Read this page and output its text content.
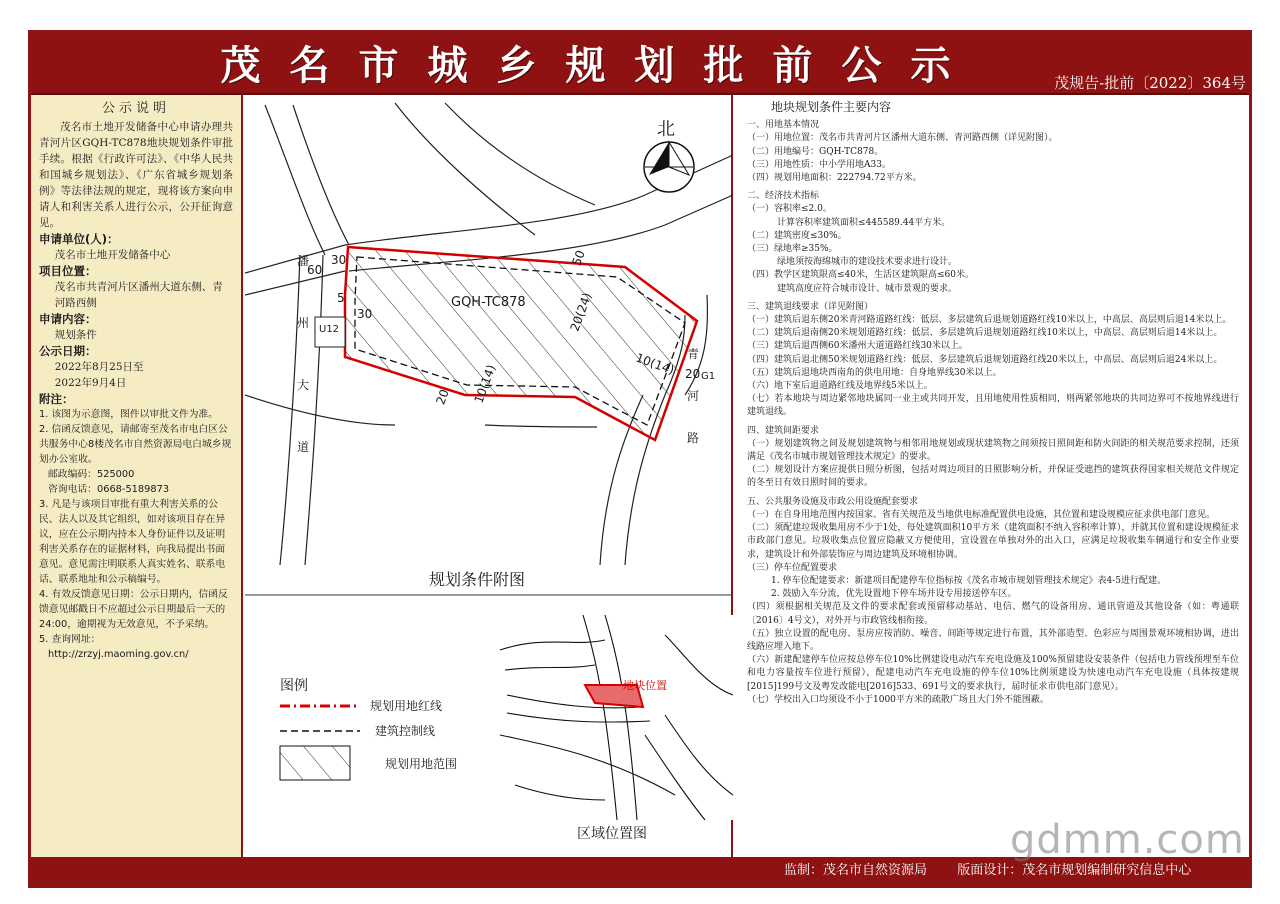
茂名市城乡规划批前公示	茂规告-批前〔2022〕364号
公示说明
茂名市土地开发储备中心申请办理共青河片区GQH-TC878地块规划条件审批手续。根据《行政许可法》、《中华人民共和国城乡规划法》、《广东省城乡规划条例》等法律法规的规定，现将该方案向申请人和利害关系人进行公示，公开征询意见。
申请单位(人)：
茂名市土地开发储备中心
项目位置：
茂名市共青河片区潘州大道东侧、青河路西侧
申请内容：
规划条件
公示日期：
2022年8月25日至
2022年9月4日
附注：
1. 该图为示意图，图件以审批文件为准。
2. 信函反馈意见，请邮寄至茂名市电白区公共服务中心8楼茂名市自然资源局电白城乡规划办公室收。
邮政编码：525000
咨询电话：0668-5189873
3. 凡是与该项目审批有重大利害关系的公民、法人以及其它组织，如对该项目存在异议，应在公示期内持本人身份证件以及证明利害关系存在的证据材料，向我局提出书面意见。意见需注明联系人真实姓名、联系电话、联系地址和公示稿编号。
4. 有效反馈意见日期：公示日期内，信函反馈意见邮戳日不应超过公示日期最后一天的24:00，逾期视为无效意见，不予采纳。
5. 查询网址：
http://zrzyj.maoming.gov.cn/
北
GQH-TC878
潘州大道
青河路
U12
G1
60
30
5
30
50
20(24)
10(14)
20
10(14) 20
规划条件附图
图例
规划用地红线
建筑控制线
规划用地范围
地块位置
区域位置图
地块规划条件主要内容
一、用地基本情况
（一）用地位置：茂名市共青河片区潘州大道东侧、青河路西侧（详见附图）。
（二）用地编号：GQH-TC878。
（三）用地性质：中小学用地A33。
（四）规划用地面积：222794.72平方米。
二、经济技术指标
（一）容积率≤2.0。
计算容积率建筑面积≤445589.44平方米。
（二）建筑密度≤30%。
（三）绿地率≥35%。
绿地须按海绵城市的建设技术要求进行设计。
（四）教学区建筑限高≤40米，生活区建筑限高≤60米。
建筑高度应符合城市设计、城市景观的要求。
三、建筑退线要求（详见附图）
（一）建筑后退东侧20米青河路道路红线：低层、多层建筑后退规划道路红线10米以上，中高层、高层则后退14米以上。
（二）建筑后退南侧20米规划道路红线：低层、多层建筑后退规划道路红线10米以上，中高层、高层则后退14米以上。
（三）建筑后退西侧60米潘州大道道路红线30米以上。
（四）建筑后退北侧50米规划道路红线：低层、多层建筑后退规划道路红线20米以上，中高层、高层则后退24米以上。
（五）建筑后退地块西南角的供电用地：自身地界线30米以上。
（六）地下室后退道路红线及地界线5米以上。
（七）若本地块与周边紧邻地块属同一业主或共同开发，且用地使用性质相同，则两紧邻地块的共同边界可不按地界线进行建筑退线。
四、建筑间距要求
（一）规划建筑物之间及规划建筑物与相邻用地规划或现状建筑物之间须按日照间距和防火间距的相关规范要求控制，还须满足《茂名市城市规划管理技术规定》的要求。
（二）规划设计方案应提供日照分析图，包括对周边项目的日照影响分析，并保证受遮挡的建筑获得国家相关规范文件规定的冬至日有效日照时间的要求。
五、公共服务设施及市政公用设施配套要求
（一）在自身用地范围内按国家、省有关规范及当地供电标准配置供电设施，其位置和建设规模应征求供电部门意见。
（二）须配建垃圾收集用房不少于1处，每处建筑面积10平方米（建筑面积不纳入容积率计算），并就其位置和建设规模征求市政部门意见。垃圾收集点位置应隐蔽又方便使用，宜设置在单独对外的出入口，应满足垃圾收集车辆通行和安全作业要求，建筑设计和外部装饰应与周边建筑及环境相协调。
（三）停车位配置要求
1. 停车位配建要求：新建项目配建停车位指标按《茂名市城市规划管理技术规定》表4-5进行配建。
2. 鼓励入车分流，优先设置地下停车场并设专用接送停车区。
（四）须根据相关规范及文件的要求配套或预留移动基站、电信、燃气的设备用房、通讯管道及其他设备（如：粤通联〔2016〕4号文），对外开与市政管线相衔接。
（五）独立设置的配电房、泵房应按消防、噪音、间距等规定进行布置，其外部造型、色彩应与周围景观环境相协调，进出线路应埋入地下。
（六）新建配建停车位应按总停车位10%比例建设电动汽车充电设施及100%预留建设安装条件（包括电力管线预埋至车位和电力容量按车位进行预留），配建电动汽车充电设施的停车位10%比例须建设为快速电动汽车充电设施（具体按建规[2015]199号文及粤发改能电[2016]533、691号文的要求执行，届时征求市供电部门意见）。
（七）学校出入口均须设不小于1000平方米的疏散广场且大门外不能围蔽。
监制：茂名市自然资源局 版面设计：茂名市规划编制研究信息中心
gdmm.com
